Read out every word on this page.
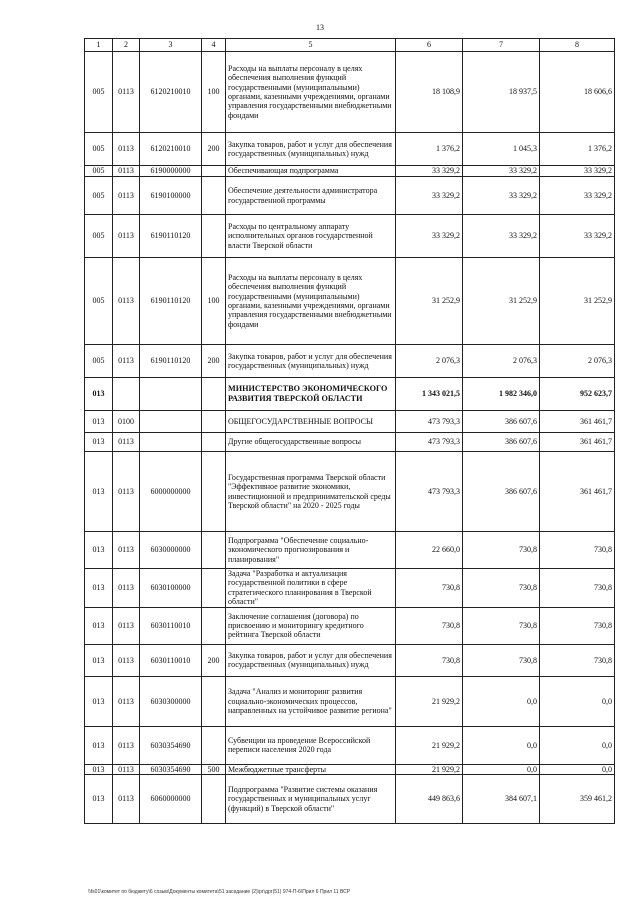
13
1	2	3	4	5	6	7	8
005	0113	6120210010	100	Расходы на выплаты персоналу в целях обеспечения выполнения функций государственными (муниципальными) органами, казенными учреждениями, органами управления государственными внебюджетными фондами	18 108,9	18 937,5	18 606,6
005	0113	6120210010	200	Закупка товаров, работ и услуг для обеспечения государственных (муниципальных) нужд	1 376,2	1 045,3	1 376,2
005	0113	6190000000		Обеспечивающая подпрограмма	33 329,2	33 329,2	33 329,2
005	0113	6190100000		Обеспечение деятельности администратора государственной программы	33 329,2	33 329,2	33 329,2
005	0113	6190110120		Расходы по центральному аппарату исполнительных органов государственной власти Тверской области	33 329,2	33 329,2	33 329,2
005	0113	6190110120	100	Расходы на выплаты персоналу в целях обеспечения выполнения функций государственными (муниципальными) органами, казенными учреждениями, органами управления государственными внебюджетными фондами	31 252,9	31 252,9	31 252,9
005	0113	6190110120	200	Закупка товаров, работ и услуг для обеспечения государственных (муниципальных) нужд	2 076,3	2 076,3	2 076,3
013				МИНИСТЕРСТВО ЭКОНОМИЧЕСКОГО РАЗВИТИЯ ТВЕРСКОЙ ОБЛАСТИ	1 343 021,5	1 982 346,0	952 623,7
013	0100			ОБЩЕГОСУДАРСТВЕННЫЕ ВОПРОСЫ	473 793,3	386 607,6	361 461,7
013	0113			Другие общегосударственные вопросы	473 793,3	386 607,6	361 461,7
013	0113	6000000000		Государственная программа Тверской области "Эффективное развитие экономики, инвестиционной и предпринимательской среды Тверской области" на 2020 - 2025 годы	473 793,3	386 607,6	361 461,7
013	0113	6030000000		Подпрограмма "Обеспечение социально-экономического прогнозирования и планирования"	22 660,0	730,8	730,8
013	0113	6030100000		Задача "Разработка и актуализация государственной политики в сфере стратегического планирования в Тверской области"	730,8	730,8	730,8
013	0113	6030110010		Заключение соглашения (договора) по присвоению и мониторингу кредитного рейтинга Тверской области	730,8	730,8	730,8
013	0113	6030110010	200	Закупка товаров, работ и услуг для обеспечения государственных (муниципальных) нужд	730,8	730,8	730,8
013	0113	6030300000		Задача "Анализ и мониторинг развития социально-экономических процессов, направленных на устойчивое развитие региона"	21 929,2	0,0	0,0
013	0113	6030354690		Субвенции на проведение Всероссийской переписи населения 2020 года	21 929,2	0,0	0,0
013	0113	6030354690	500	Межбюджетные трансферты	21 929,2	0,0	0,0
013	0113	6060000000		Подпрограмма "Развитие системы оказания государственных и муниципальных услуг (функций) в Тверской области"	449 863,6	384 607,1	359 461,2
\\fs01\комитет по бюджету\6 созыв\Документы комитета\51 заседание (2)\рг\дрг(51) 974-П-6\Прил 6 Прил 11 ВСР
